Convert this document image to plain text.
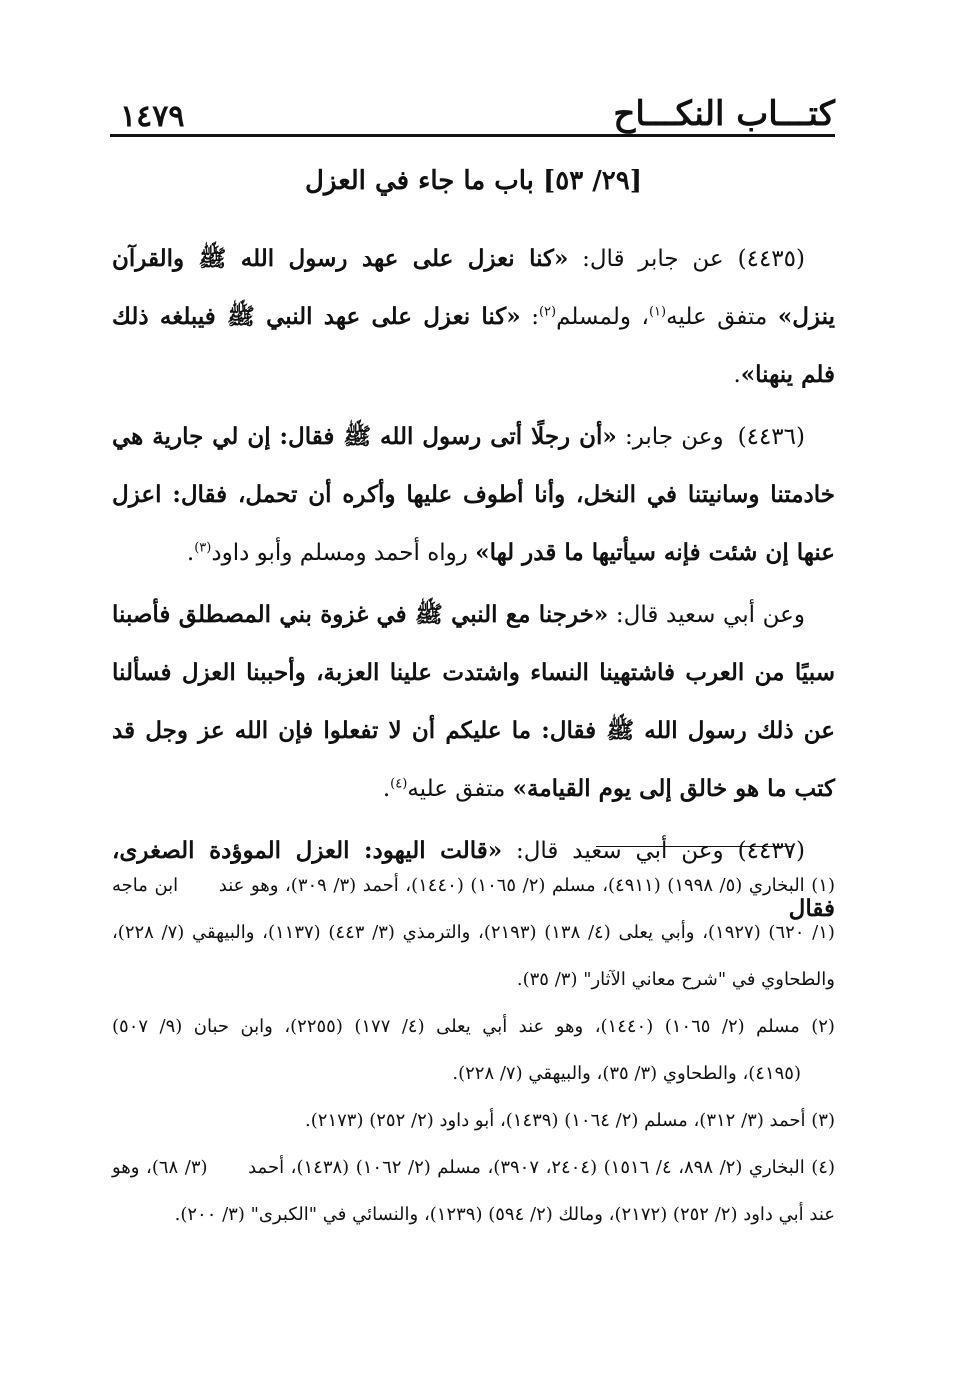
كتـــاب النكـــاح
١٤٧٩
[٢٩/ ٥٣] باب ما جاء في العزل

(٤٤٣٥)عن جابر قال: «كنا نعزل على عهد رسول الله ﷺ والقرآن ينزل» متفق عليه$^{(١)}$، ولمسلم$^{(٢)}$: «كنا نعزل على عهد النبي ﷺ فيبلغه ذلك فلم ينهنا».

(٤٤٣٦)وعن جابر: «أن رجلًا أتى رسول الله ﷺ فقال: إن لي جارية هي خادمتنا وسانيتنا في النخل، وأنا أطوف عليها وأكره أن تحمل، فقال: اعزل عنها إن شئت فإنه سيأتيها ما قدر لها» رواه أحمد ومسلم وأبو داود$^{(٣)}$.

وعن أبي سعيد قال: «خرجنا مع النبي ﷺ في غزوة بني المصطلق فأصبنا سبيًا من العرب فاشتهينا النساء واشتدت علينا العزبة، وأحببنا العزل فسألنا عن ذلك رسول الله ﷺ فقال: ما عليكم أن لا تفعلوا فإن الله عز وجل قد كتب ما هو خالق إلى يوم القيامة» متفق عليه$^{(٤)}$.

(٤٤٣٧)وعن أبي سعيد قال: «قالت اليهود: العزل الموؤدة الصغرى، فقال

(١) البخاري (٥/ ١٩٩٨) (٤٩١١)، مسلم (٢/ ١٠٦٥) (١٤٤٠)، أحمد (٣/ ٣٠٩)، وهو عند ابن ماجه (١/ ٦٢٠) (١٩٢٧)، وأبي يعلى (٤/ ١٣٨) (٢١٩٣)، والترمذي (٣/ ٤٤٣) (١١٣٧)، والبيهقي (٧/ ٢٢٨)، والطحاوي في "شرح معاني الآثار" (٣/ ٣٥).

(٢) مسلم (٢/ ١٠٦٥) (١٤٤٠)، وهو عند أبي يعلى (٤/ ١٧٧) (٢٢٥٥)، وابن حبان (٩/ ٥٠٧) (٤١٩٥)، والطحاوي (٣/ ٣٥)، والبيهقي (٧/ ٢٢٨).

(٣) أحمد (٣/ ٣١٢)، مسلم (٢/ ١٠٦٤) (١٤٣٩)، أبو داود (٢/ ٢٥٢) (٢١٧٣).

(٤) البخاري (٢/ ٨٩٨، ٤/ ١٥١٦) (٢٤٠٤، ٣٩٠٧)، مسلم (٢/ ١٠٦٢) (١٤٣٨)، أحمد (٣/ ٦٨)، وهو عند أبي داود (٢/ ٢٥٢) (٢١٧٢)، ومالك (٢/ ٥٩٤) (١٢٣٩)، والنسائي في "الكبرى" (٣/ ٢٠٠).
